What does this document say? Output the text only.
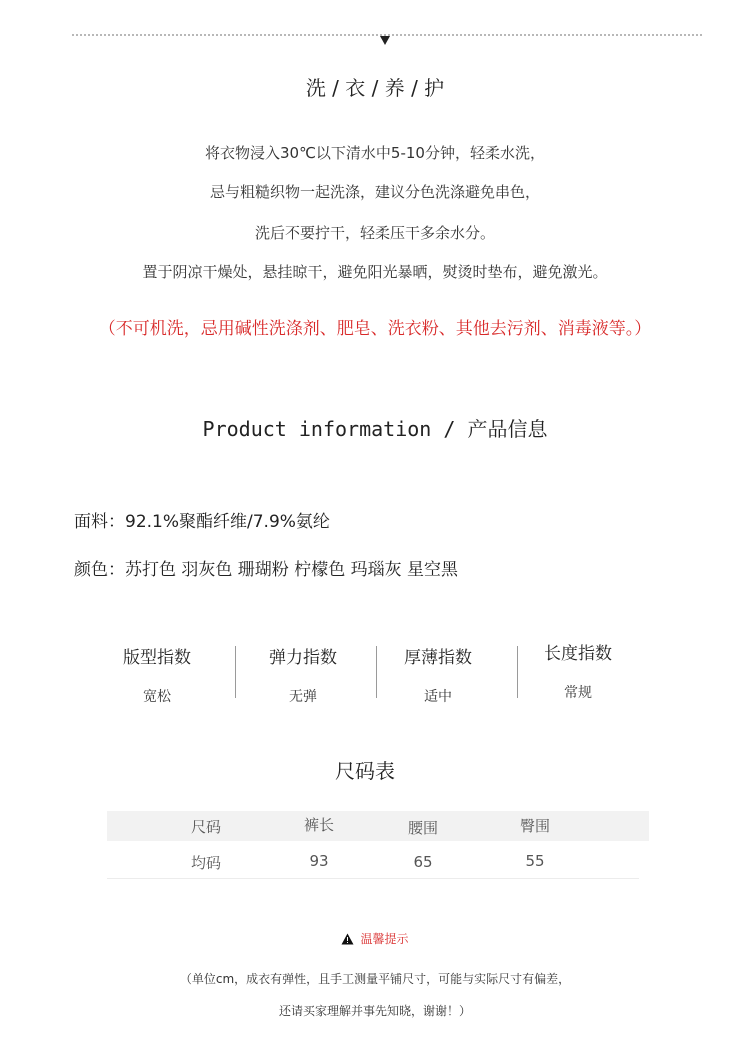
洗 / 衣 / 养 / 护
将衣物浸入30℃以下清水中5-10分钟，轻柔水洗，
忌与粗糙织物一起洗涤，建议分色洗涤避免串色，
洗后不要拧干，轻柔压干多余水分。
置于阴凉干燥处，悬挂晾干，避免阳光暴晒，熨烫时垫布，避免激光。
（不可机洗，忌用碱性洗涤剂、肥皂、洗衣粉、其他去污剂、消毒液等。）
Product information / 产品信息
面料：92.1%聚酯纤维/7.9%氨纶
颜色：苏打色 羽灰色 珊瑚粉 柠檬色 玛瑙灰 星空黑
版型指数
宽松
弹力指数
无弹
厚薄指数
适中
长度指数
常规
尺码表
尺码	裤长	腰围	臀围
均码	93	65	55
温馨提示
（单位cm，成衣有弹性，且手工测量平铺尺寸，可能与实际尺寸有偏差，
还请买家理解并事先知晓，谢谢！）
